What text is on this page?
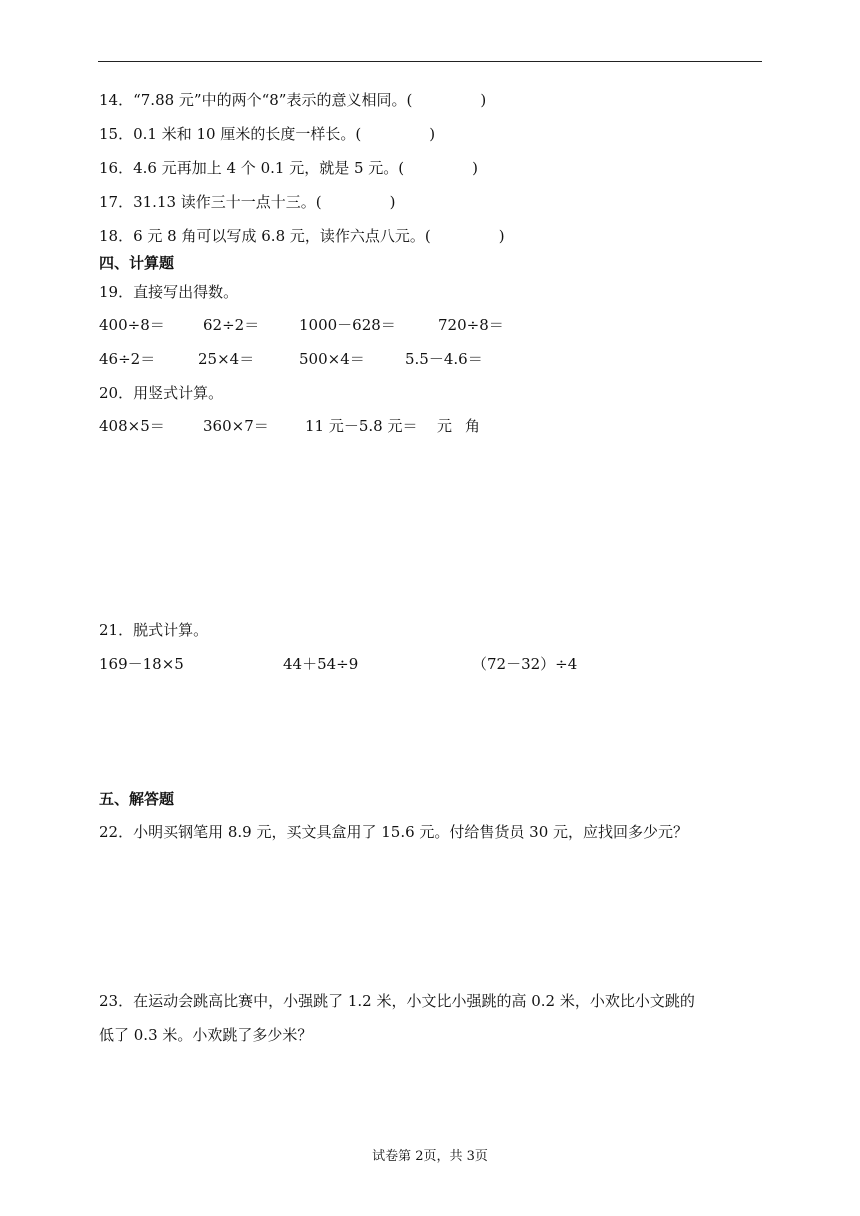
14．“7.88 元”中的两个“8”表示的意义相同。(	)
15．0.1 米和 10 厘米的长度一样长。(	)
16．4.6 元再加上 4 个 0.1 元，就是 5 元。(	)
17．31.13 读作三十一点十三。(	)
18．6 元 8 角可以写成 6.8 元，读作六点八元。(	)
四、计算题
19．直接写出得数。
400÷8＝	62÷2＝	1000－628＝	720÷8＝
46÷2＝	25×4＝	500×4＝	5.5－4.6＝
20．用竖式计算。
408×5＝	360×7＝ 11 元－5.8 元＝ 元 角
21．脱式计算。
169－18×5	44＋54÷9	（72－32）÷4
五、解答题
22．小明买钢笔用 8.9 元，买文具盒用了 15.6 元。付给售货员 30 元，应找回多少元？
23．在运动会跳高比赛中，小强跳了 1.2 米，小文比小强跳的高 0.2 米，小欢比小文跳的
低了 0.3 米。小欢跳了多少米？
试卷第 2页，共 3页
